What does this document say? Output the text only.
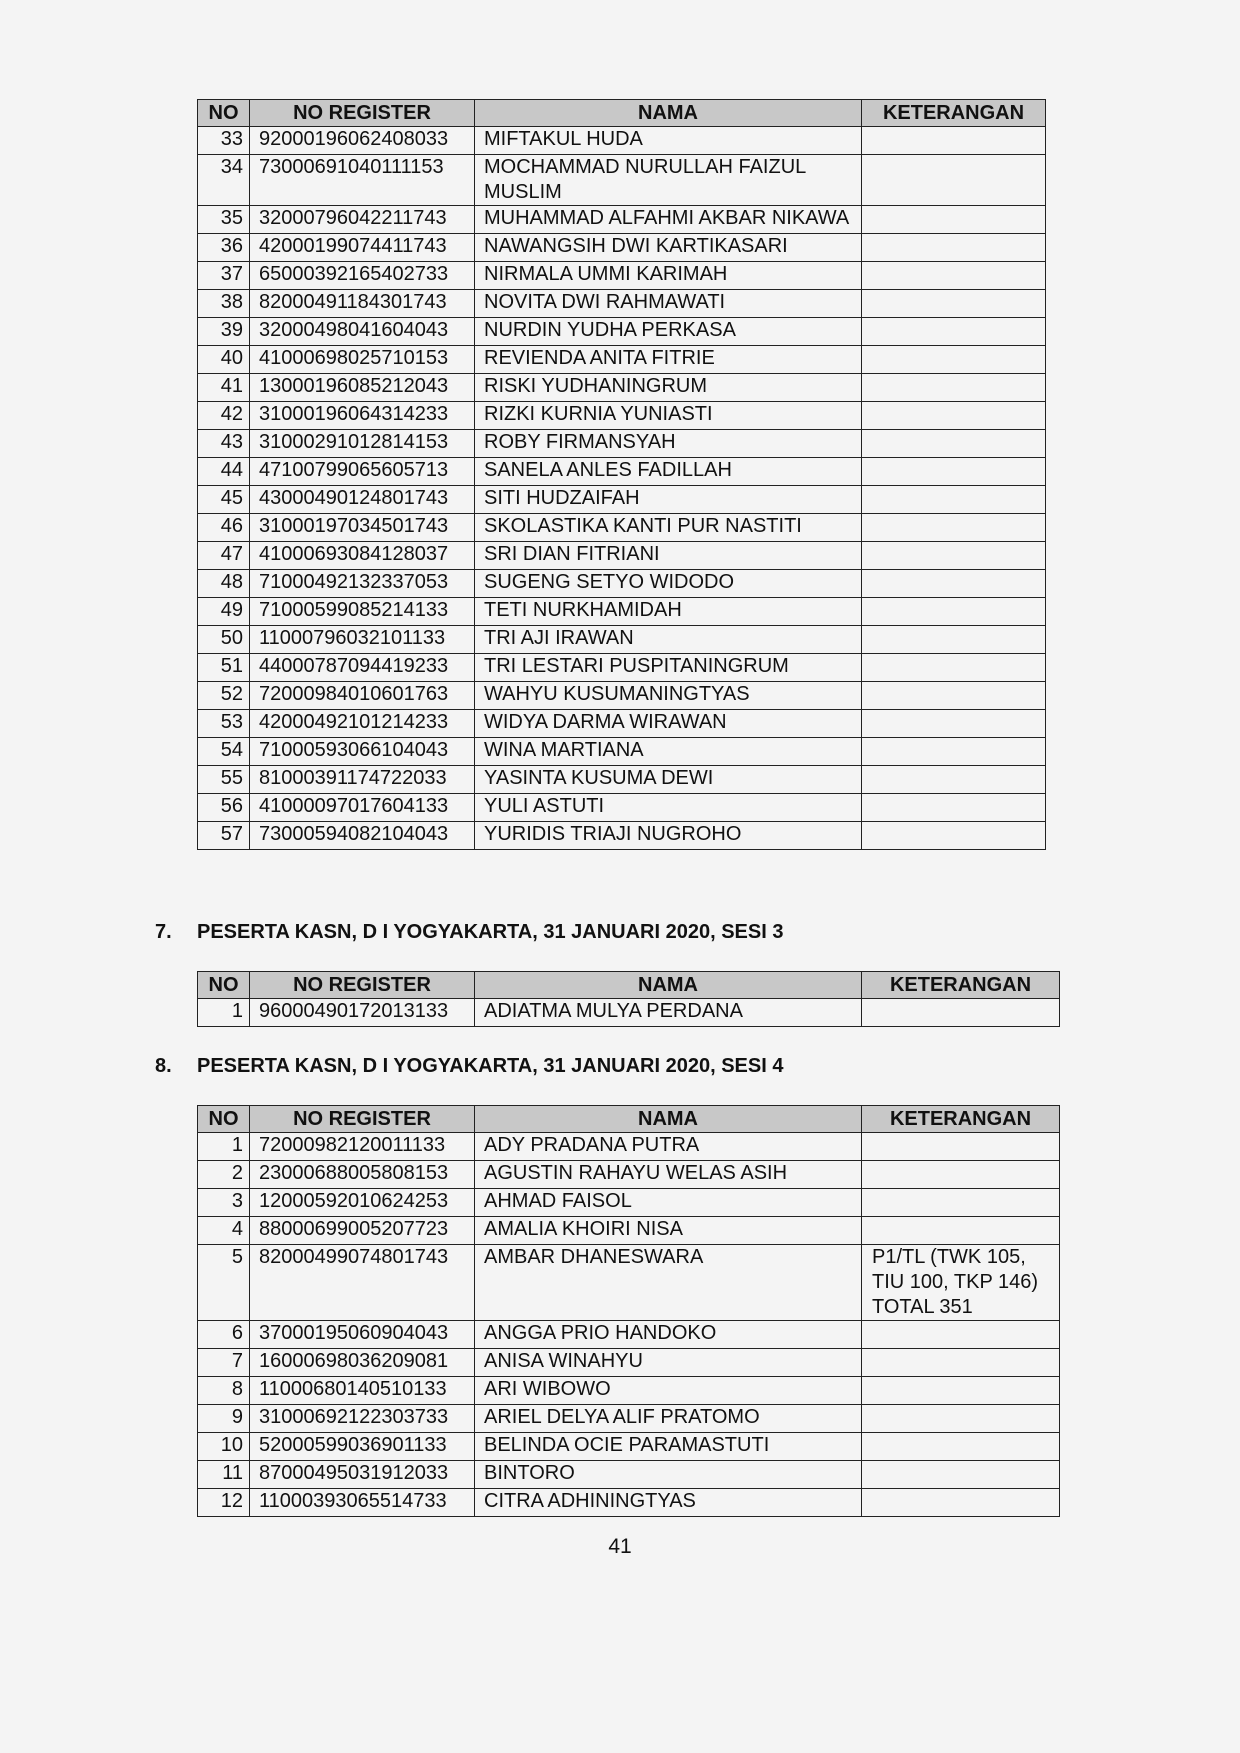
NO	NO REGISTER	NAMA	KETERANGAN
33	92000196062408033	MIFTAKUL HUDA	
34	73000691040111153	MOCHAMMAD NURULLAH FAIZUL MUSLIM	
35	32000796042211743	MUHAMMAD ALFAHMI AKBAR NIKAWA	
36	42000199074411743	NAWANGSIH DWI KARTIKASARI	
37	65000392165402733	NIRMALA UMMI KARIMAH	
38	82000491184301743	NOVITA DWI RAHMAWATI	
39	32000498041604043	NURDIN YUDHA PERKASA	
40	41000698025710153	REVIENDA ANITA FITRIE	
41	13000196085212043	RISKI YUDHANINGRUM	
42	31000196064314233	RIZKI KURNIA YUNIASTI	
43	31000291012814153	ROBY FIRMANSYAH	
44	47100799065605713	SANELA ANLES FADILLAH	
45	43000490124801743	SITI HUDZAIFAH	
46	31000197034501743	SKOLASTIKA KANTI PUR NASTITI	
47	41000693084128037	SRI DIAN FITRIANI	
48	71000492132337053	SUGENG SETYO WIDODO	
49	71000599085214133	TETI NURKHAMIDAH	
50	11000796032101133	TRI AJI IRAWAN	
51	44000787094419233	TRI LESTARI PUSPITANINGRUM	
52	72000984010601763	WAHYU KUSUMANINGTYAS	
53	42000492101214233	WIDYA DARMA WIRAWAN	
54	71000593066104043	WINA MARTIANA	
55	81000391174722033	YASINTA KUSUMA DEWI	
56	41000097017604133	YULI ASTUTI	
57	73000594082104043	YURIDIS TRIAJI NUGROHO	
7. PESERTA KASN, D I YOGYAKARTA, 31 JANUARI 2020, SESI 3
NO	NO REGISTER	NAMA	KETERANGAN
1	96000490172013133	ADIATMA MULYA PERDANA	
8. PESERTA KASN, D I YOGYAKARTA, 31 JANUARI 2020, SESI 4
NO	NO REGISTER	NAMA	KETERANGAN
1	72000982120011133	ADY PRADANA PUTRA	
2	23000688005808153	AGUSTIN RAHAYU WELAS ASIH	
3	12000592010624253	AHMAD FAISOL	
4	88000699005207723	AMALIA KHOIRI NISA	
5	82000499074801743	AMBAR DHANESWARA	P1/TL (TWK 105, TIU 100, TKP 146) TOTAL 351
6	37000195060904043	ANGGA PRIO HANDOKO	
7	16000698036209081	ANISA WINAHYU	
8	11000680140510133	ARI WIBOWO	
9	31000692122303733	ARIEL DELYA ALIF PRATOMO	
10	52000599036901133	BELINDA OCIE PARAMASTUTI	
11	87000495031912033	BINTORO	
12	11000393065514733	CITRA ADHININGTYAS	
41
